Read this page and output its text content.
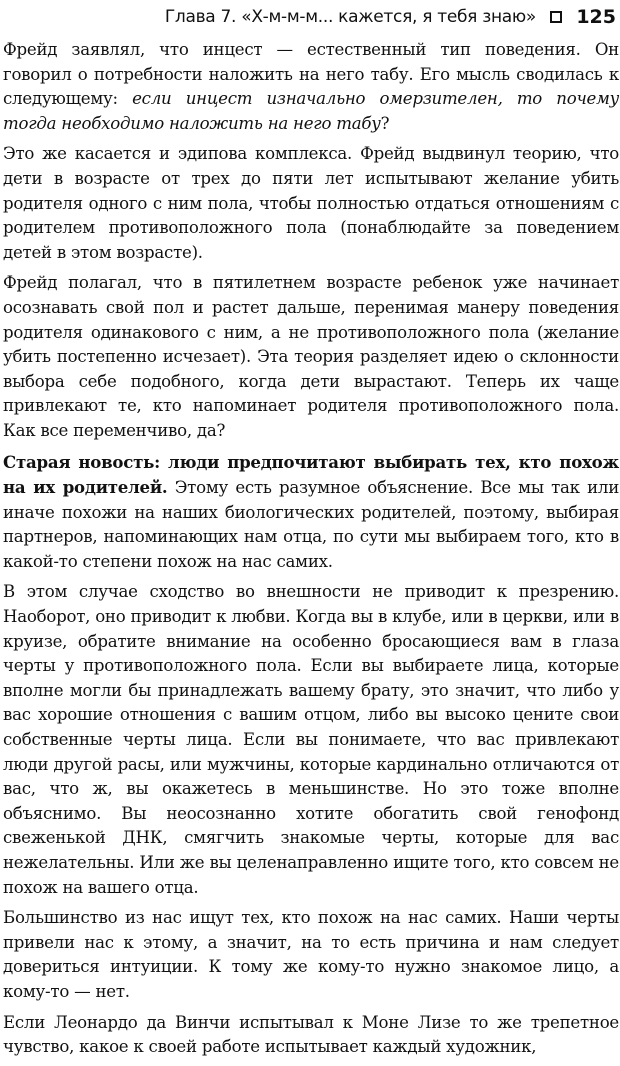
Глава 7. «Х-м-м-м... кажется, я тебя знаю» 125

Фрейд заявлял, что инцест — естественный тип поведения. Он говорил о потребности наложить на него табу. Его мысль сводилась к следующему: если инцест изначально омерзителен, то почему тогда необходимо наложить на него табу?

Это же касается и эдипова комплекса. Фрейд выдвинул теорию, что дети в возрасте от трех до пяти лет испытывают желание убить родителя одного с ним пола, чтобы полностью отдаться отношениям с родителем противоположного пола (понаблюдайте за поведением детей в этом возрасте).

Фрейд полагал, что в пятилетнем возрасте ребенок уже начинает осознавать свой пол и растет дальше, перенимая манеру поведения родителя одинакового с ним, а не противоположного пола (желание убить постепенно исчезает). Эта теория разделяет идею о склонности выбора себе подобного, когда дети вырастают. Теперь их чаще привлекают те, кто напоминает родителя противоположного пола. Как все переменчиво, да?

Старая новость: люди предпочитают выбирать тех, кто похож на их родителей. Этому есть разумное объяснение. Все мы так или иначе похожи на наших биологических родителей, поэтому, выбирая партнеров, напоминающих нам отца, по сути мы выбираем того, кто в какой-то степени похож на нас самих.

В этом случае сходство во внешности не приводит к презрению. Наоборот, оно приводит к любви. Когда вы в клубе, или в церкви, или в круизе, обратите внимание на особенно бросающиеся вам в глаза черты у противоположного пола. Если вы выбираете лица, которые вполне могли бы принадлежать вашему брату, это значит, что либо у вас хорошие отношения с вашим отцом, либо вы высоко цените свои собственные черты лица. Если вы понимаете, что вас привлекают люди другой расы, или мужчины, которые кардинально отличаются от вас, что ж, вы окажетесь в меньшинстве. Но это тоже вполне объяснимо. Вы неосознанно хотите обогатить свой генофонд свеженькой ДНК, смягчить знакомые черты, которые для вас нежелательны. Или же вы целенаправленно ищите того, кто совсем не похож на вашего отца.

Большинство из нас ищут тех, кто похож на нас самих. Наши черты привели нас к этому, а значит, на то есть причина и нам следует довериться интуиции. К тому же кому-то нужно знакомое лицо, а кому-то — нет.

Если Леонардо да Винчи испытывал к Моне Лизе то же трепетное чувство, какое к своей работе испытывает каждый художник,
